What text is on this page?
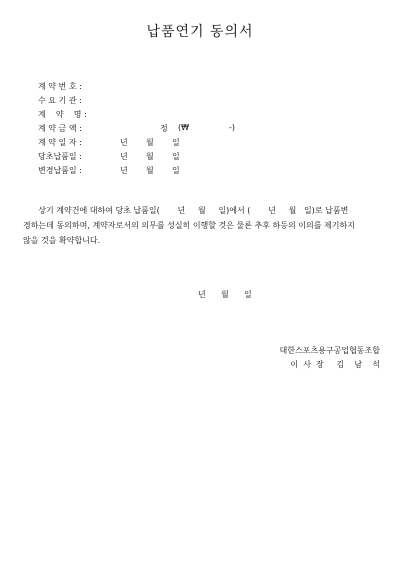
납품연기 동의서
계 약 번 호 :
수 요 기 관 :
계    약    명 :
계 약 금 액 :	정 (₩	-)
계 약 일 자 :	년 월 일
당초납품일 :	년 월 일
변경납품일 :	년 월 일
상기 계약건에 대하여 당초 납품일(       년     월     일)에서 (       년     월   일)로 납품변
경하는데 동의하며, 계약자로서의 의무를 성실히 이행할 것은 물론 추후 하등의 이의를 제기하지
않을 것을 확약합니다.
년      월      일
대한스포츠용구공업협동조합
이  사  장     김    남    석
